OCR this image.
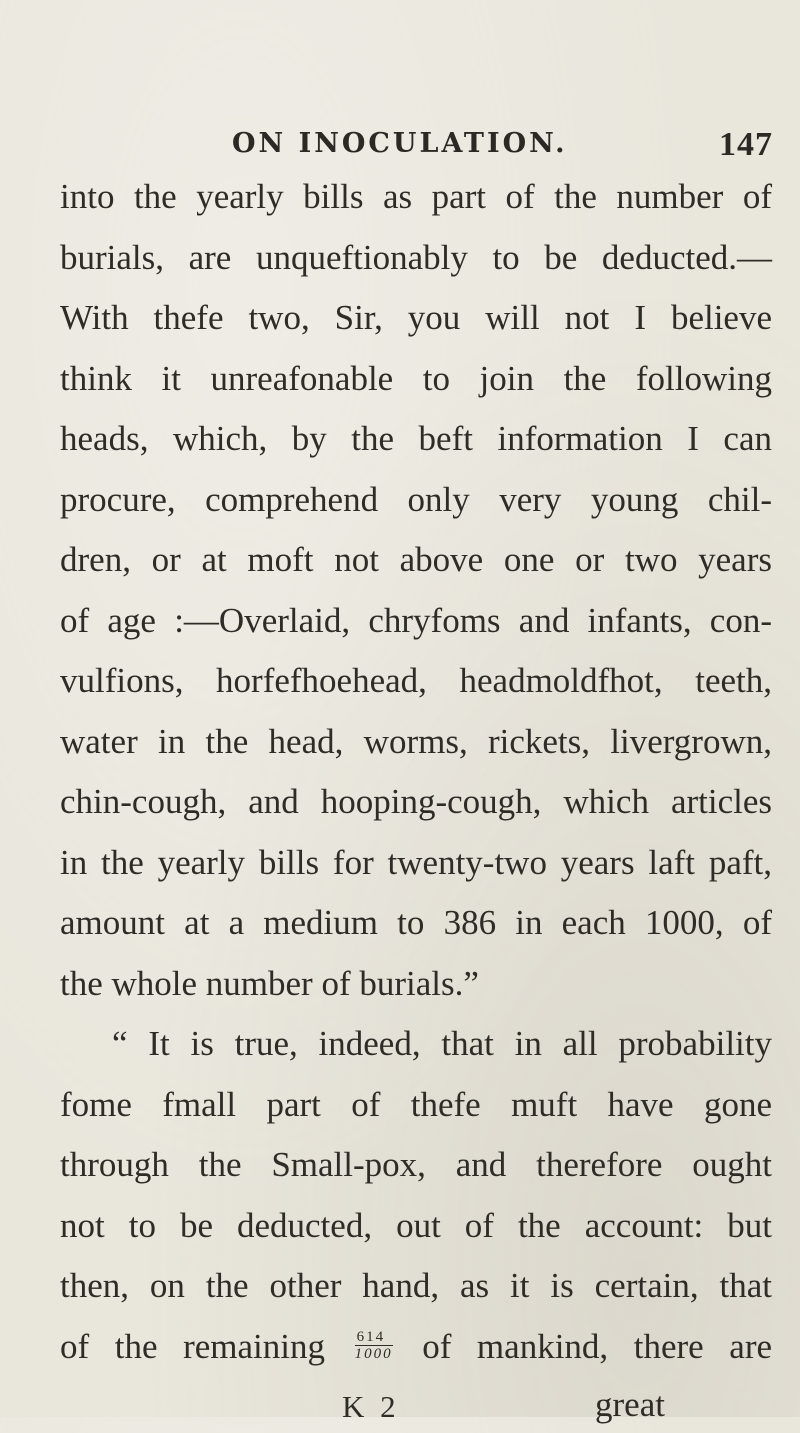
ON INOCULATION.	147
into the yearly bills as part of the number of
burials, are unqueftionably to be deducted.—
With thefe two, Sir, you will not I believe
think it unreafonable to join the following
heads, which, by the beft information I can
procure, comprehend only very young chil-
dren, or at moft not above one or two years
of age :—Overlaid, chryfoms and infants, con-
vulfions, horfefhoehead, headmoldfhot, teeth,
water in the head, worms, rickets, livergrown,
chin-cough, and hooping-cough, which articles
in the yearly bills for twenty-two years laft paft,
amount at a medium to 386 in each 1000, of
the whole number of burials.”
“ It is true, indeed, that in all probability
fome fmall part of thefe muft have gone
through the Small-pox, and therefore ought
not to be deducted, out of the account: but
then, on the other hand, as it is certain, that
of the remaining $\frac{614}{1000}$ of mankind, there are
K 2	great
